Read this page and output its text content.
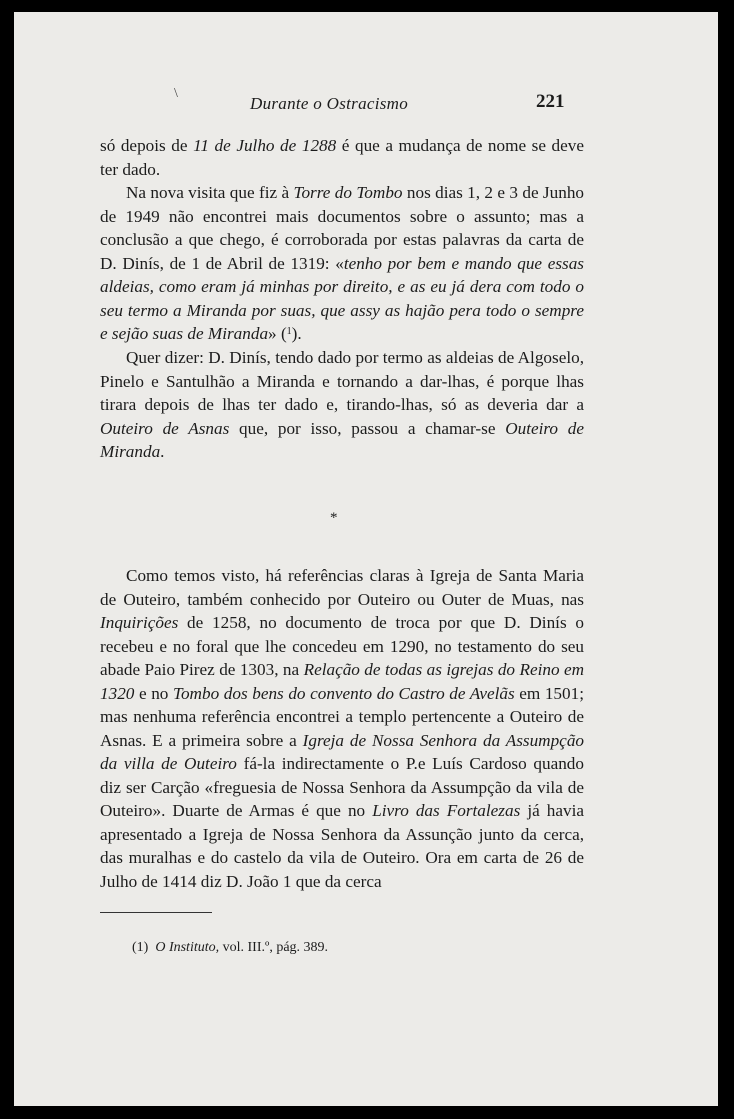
\
Durante o Ostracismo	221

só depois de 11 de Julho de 1288 é que a mudança de nome se deve ter dado.

Na nova visita que fiz à Torre do Tombo nos dias 1, 2 e 3 de Junho de 1949 não encontrei mais documentos sobre o assunto; mas a conclusão a que chego, é corroborada por estas palavras da carta de D. Dinís, de 1 de Abril de 1319: «tenho por bem e mando que essas aldeias, como eram já minhas por direito, e as eu já dera com todo o seu termo a Miranda por suas, que assy as hajão pera todo o sempre e sejão suas de Miranda» ($^1$).

Quer dizer: D. Dinís, tendo dado por termo as aldeias de Algoselo, Pinelo e Santulhão a Miranda e tornando a dar-lhas, é porque lhas tirara depois de lhas ter dado e, tirando-lhas, só as deveria dar a Outeiro de Asnas que, por isso, passou a chamar-se Outeiro de Miranda.

*

Como temos visto, há referências claras à Igreja de Santa Maria de Outeiro, também conhecido por Outeiro ou Outer de Muas, nas Inquirições de 1258, no documento de troca por que D. Dinís o recebeu e no foral que lhe concedeu em 1290, no testamento do seu abade Paio Pirez de 1303, na Relação de todas as igrejas do Reino em 1320 e no Tombo dos bens do convento do Castro de Avelãs em 1501; mas nenhuma referência encontrei a templo pertencente a Outeiro de Asnas. E a primeira sobre a Igreja de Nossa Senhora da Assumpção da villa de Outeiro fá-la indirectamente o P.e Luís Cardoso quando diz ser Carção «freguesia de Nossa Senhora da Assumpção da vila de Outeiro». Duarte de Armas é que no Livro das Fortalezas já havia apresentado a Igreja de Nossa Senhora da Assunção junto da cerca, das muralhas e do castelo da vila de Outeiro. Ora em carta de 26 de Julho de 1414 diz D. João 1 que da cerca

(1) O Instituto, vol. III.º, pág. 389.
